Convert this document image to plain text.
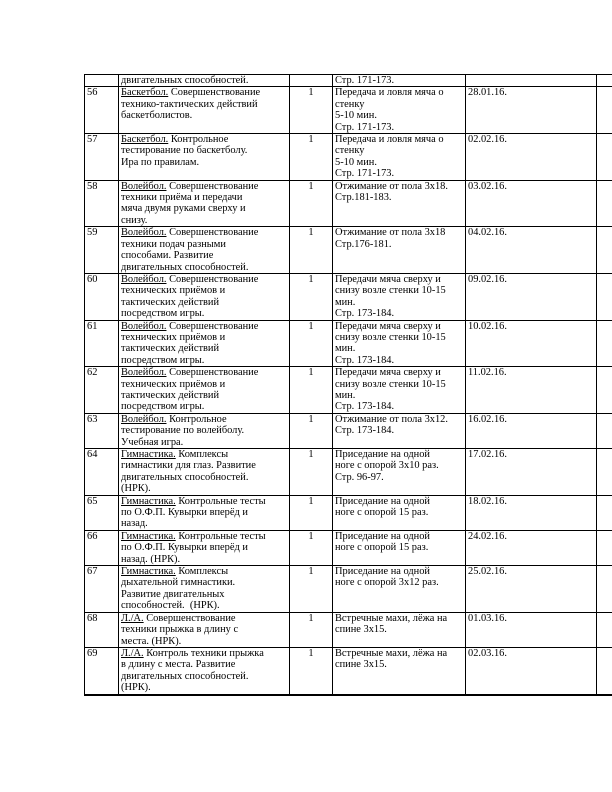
	двигательных способностей.		Стр. 171-173.		

56	Баскетбол. Совершенствование
технико-тактических действий
баскетболистов.	1	Передача и ловля мяча о
стенку
5-10 мин.
Стр. 171-173.	28.01.16.	
57	Баскетбол. Контрольное
тестирование по баскетболу.
Ира по правилам.	1	Передача и ловля мяча о
стенку
5-10 мин.
Стр. 171-173.	02.02.16.	
58	Волейбол. Совершенствование
техники приёма и передачи
мяча двумя руками сверху и
снизу.	1	Отжимание от пола 3х18.
Стр.181-183.	03.02.16.	
59	Волейбол. Совершенствование
техники подач разными
способами. Развитие
двигательных способностей.	1	Отжимание от пола 3х18
Стр.176-181.	04.02.16.	
60	Волейбол. Совершенствование
технических приёмов и
тактических действий
посредством игры.	1	Передачи мяча сверху и
снизу возле стенки 10-15
мин.
Стр. 173-184.	09.02.16.	
61	Волейбол. Совершенствование
технических приёмов и
тактических действий
посредством игры.	1	Передачи мяча сверху и
снизу возле стенки 10-15
мин.
Стр. 173-184.	10.02.16.	
62	Волейбол. Совершенствование
технических приёмов и
тактических действий
посредством игры.	1	Передачи мяча сверху и
снизу возле стенки 10-15
мин.
Стр. 173-184.	11.02.16.	
63	Волейбол. Контрольное
тестирование по волейболу.
Учебная игра.	1	Отжимание от пола 3х12.
Стр. 173-184.	16.02.16.	
64	Гимнастика. Комплексы
гимнастики для глаз. Развитие
двигательных способностей.
(НРК).	1	Приседание на одной
ноге с опорой 3х10 раз.
Стр. 96-97.	17.02.16.	
65	Гимнастика. Контрольные тесты
по О.Ф.П. Кувырки вперёд и
назад.	1	Приседание на одной
ноге с опорой 15 раз.	18.02.16.	
66	Гимнастика. Контрольные тесты
по О.Ф.П. Кувырки вперёд и
назад. (НРК).	1	Приседание на одной
ноге с опорой 15 раз.	24.02.16.	
67	Гимнастика. Комплексы
дыхательной гимнастики.
Развитие двигательных
способностей.  (НРК).	1	Приседание на одной
ноге с опорой 3х12 раз.	25.02.16.	
68	Л./А. Совершенствование
техники прыжка в длину с
места. (НРК).	1	Встречные махи, лёжа на
спине 3х15.	01.03.16.	
69	Л./А. Контроль техники прыжка
в длину с места. Развитие
двигательных способностей.
(НРК).	1	Встречные махи, лёжа на
спине 3х15.	02.03.16.	
